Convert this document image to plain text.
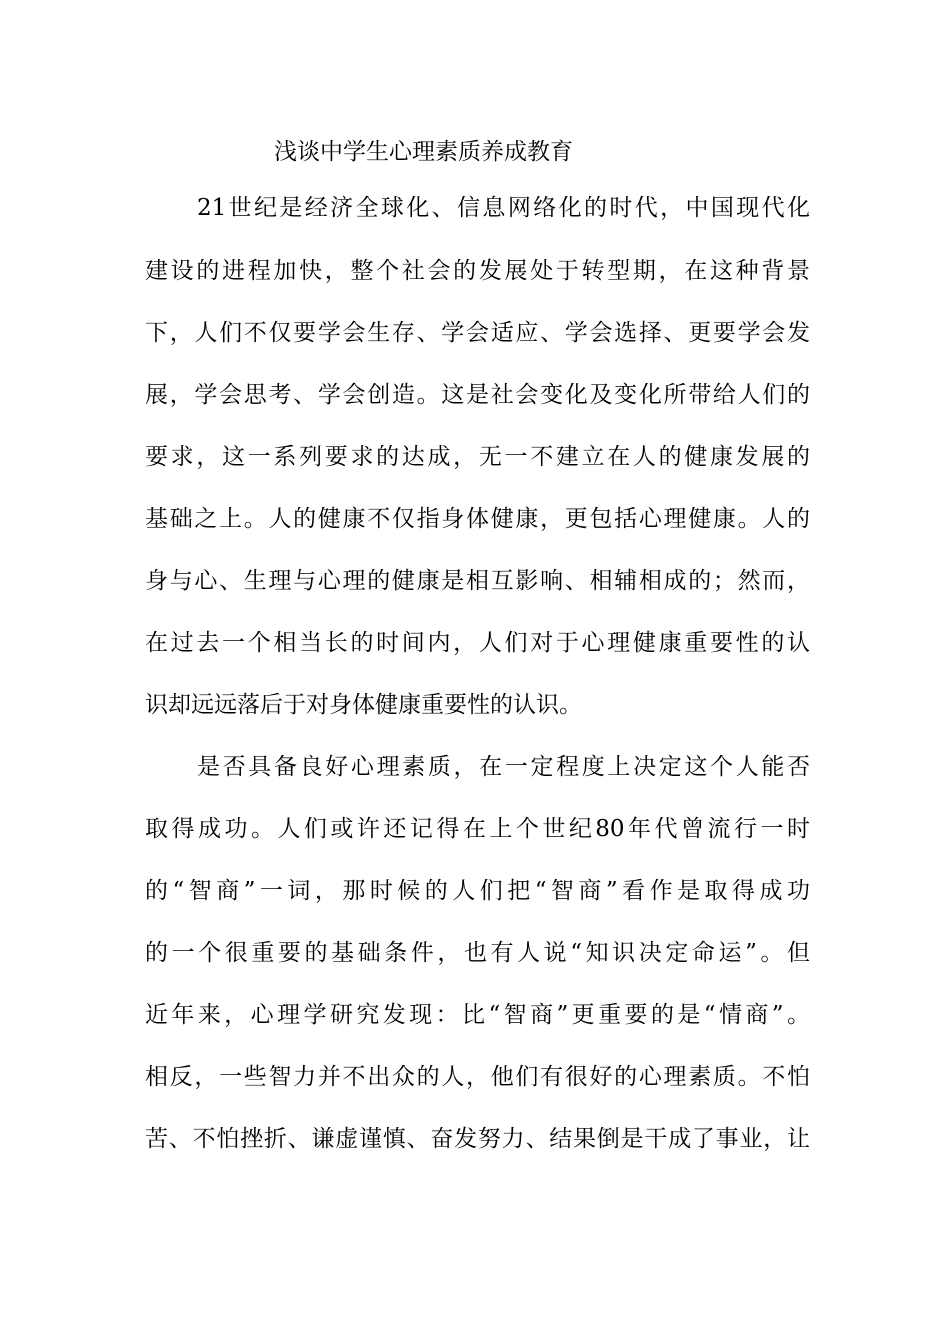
浅谈中学生心理素质养成教育
21世纪是经济全球化、信息网络化的时代，中国现代化
建设的进程加快，整个社会的发展处于转型期，在这种背景
下，人们不仅要学会生存、学会适应、学会选择、更要学会发
展，学会思考、学会创造。这是社会变化及变化所带给人们的
要求，这一系列要求的达成，无一不建立在人的健康发展的
基础之上。人的健康不仅指身体健康，更包括心理健康。人的
身与心、生理与心理的健康是相互影响、相辅相成的；然而，
在过去一个相当长的时间内，人们对于心理健康重要性的认
识却远远落后于对身体健康重要性的认识。
是否具备良好心理素质，在一定程度上决定这个人能否
取得成功。人们或许还记得在上个世纪80年代曾流行一时
的“智商”一词，那时候的人们把“智商”看作是取得成功
的一个很重要的基础条件，也有人说“知识决定命运”。但
近年来，心理学研究发现：比“智商”更重要的是“情商”。
相反，一些智力并不出众的人，他们有很好的心理素质。不怕
苦、不怕挫折、谦虚谨慎、奋发努力、结果倒是干成了事业，让
